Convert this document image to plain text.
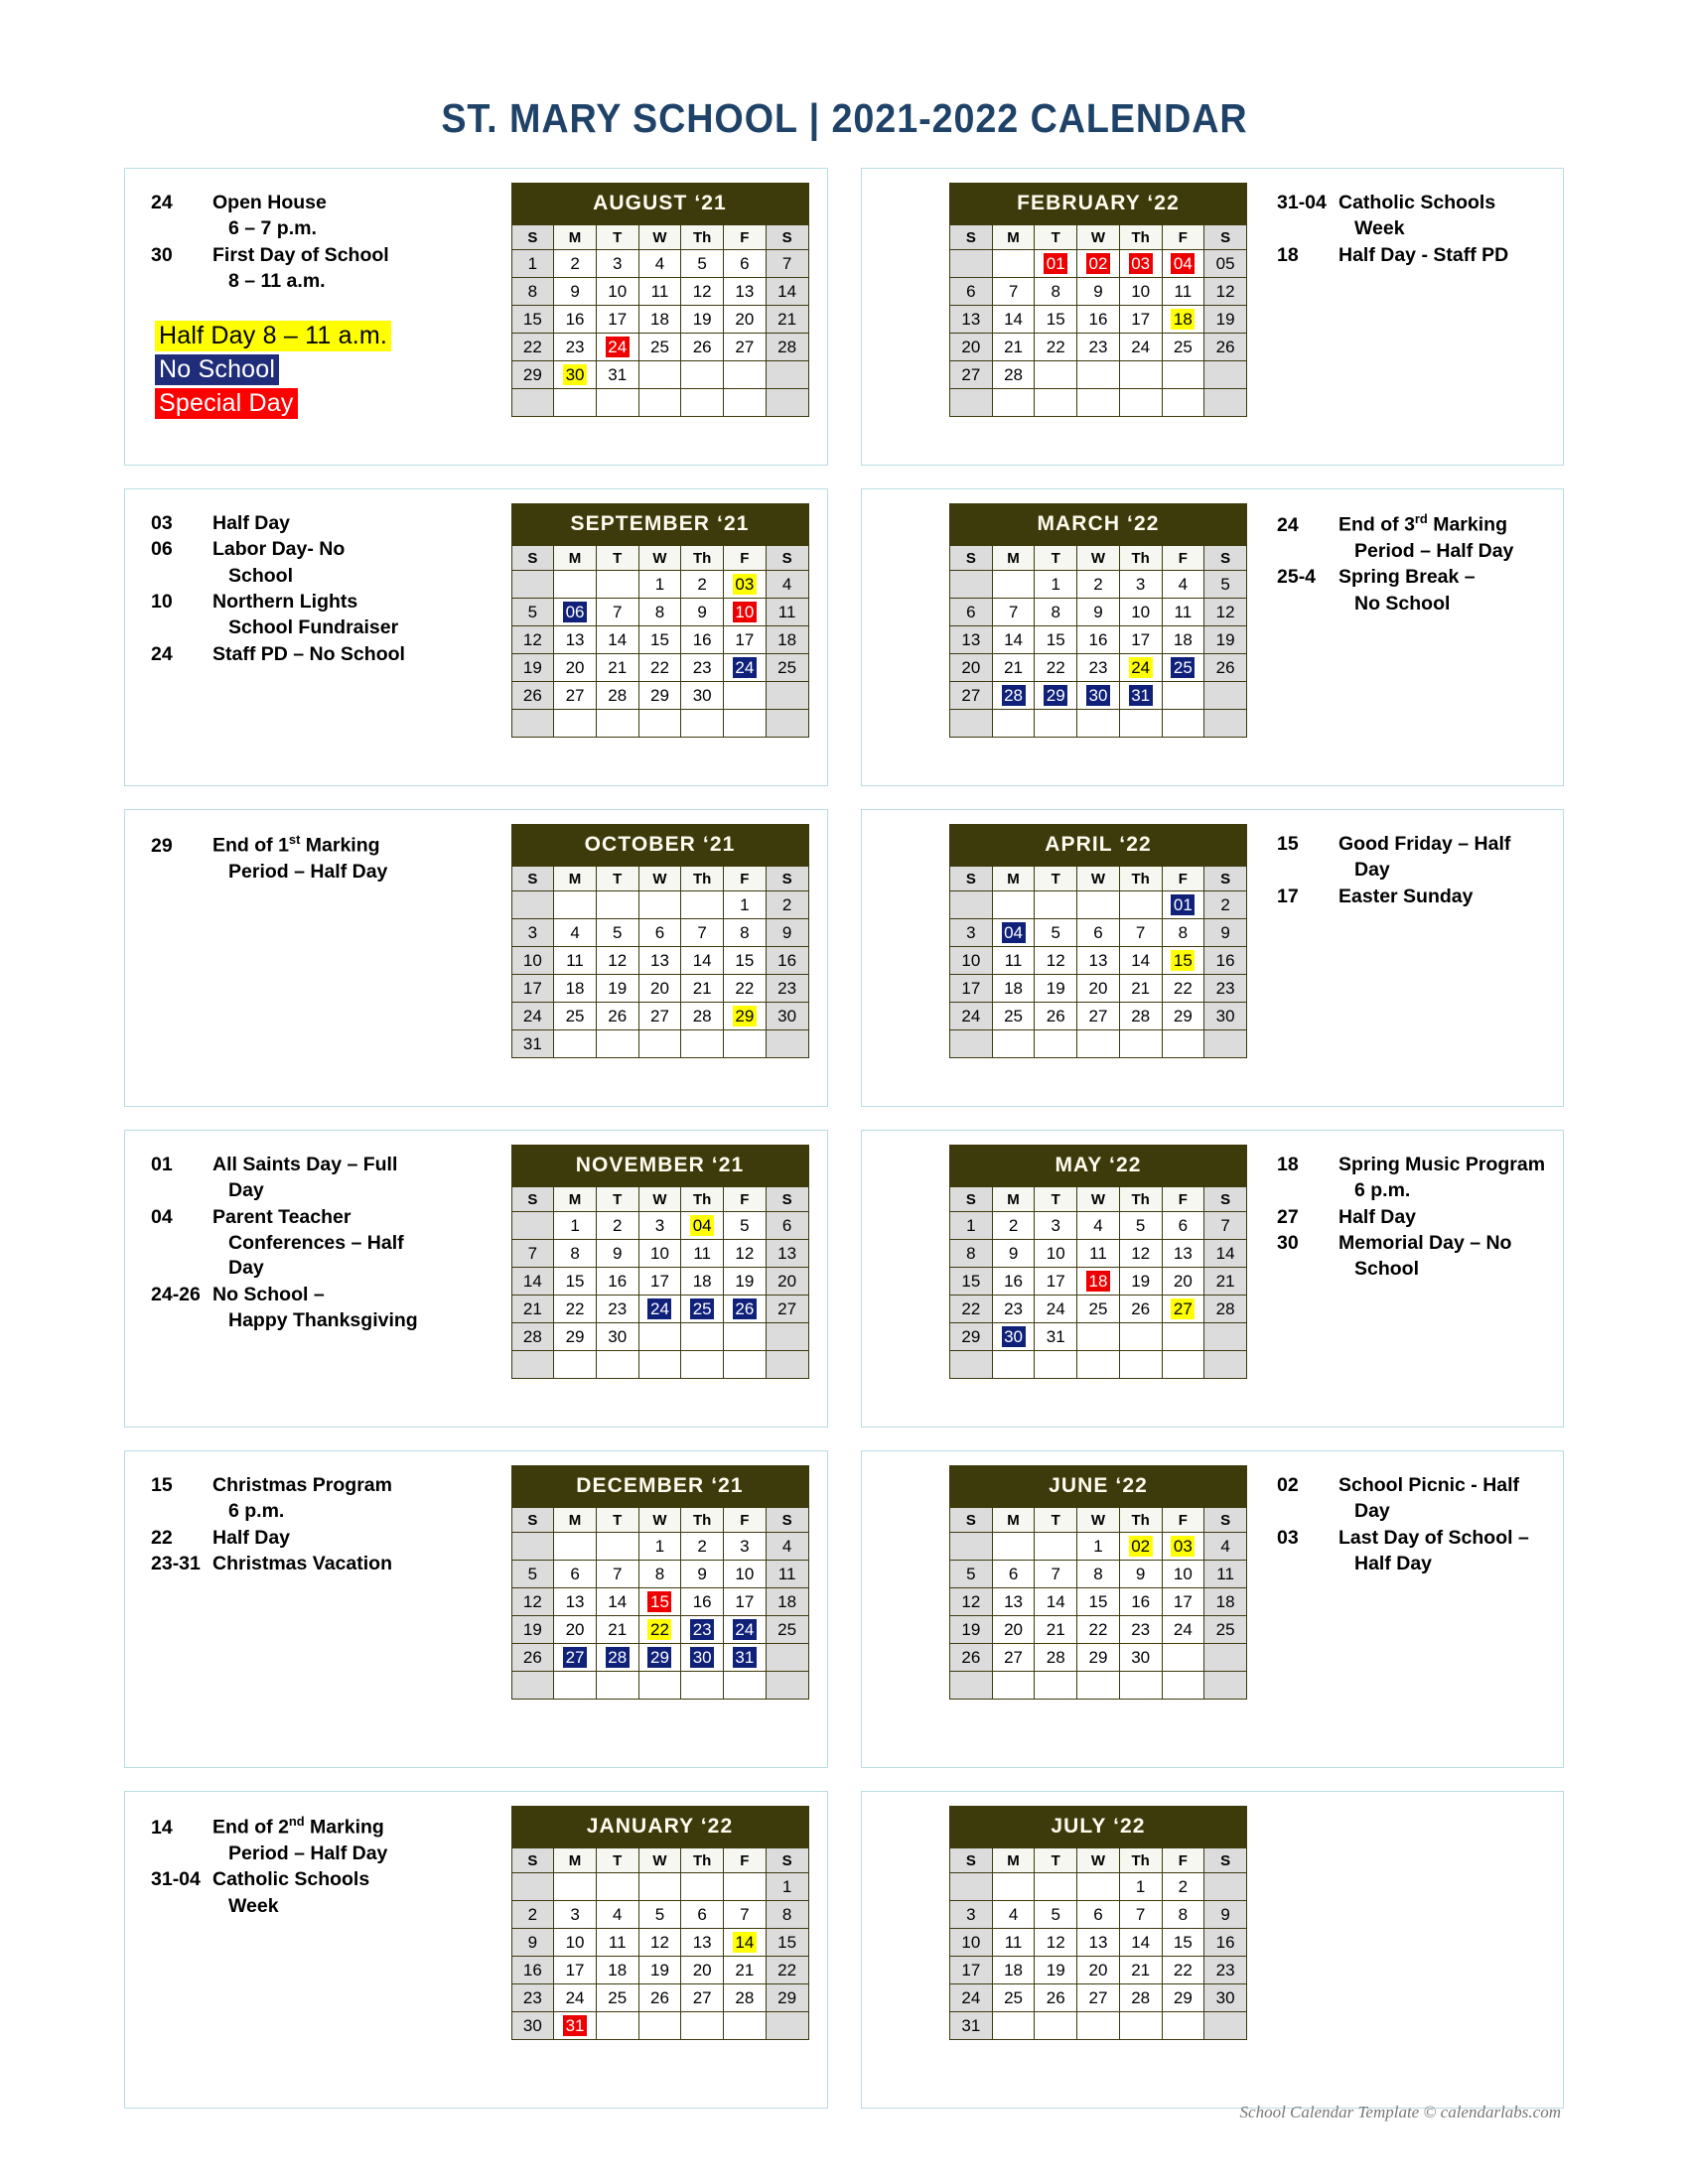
ST. MARY SCHOOL | 2021-2022 CALENDAR
24	Open House
6 – 7 p.m.
30	First Day of School
8 – 11 a.m.
Half Day 8 – 11 a.m.No SchoolSpecial Day
AUGUST ‘21						
S	M	T	W	Th	F	S
1	2	3	4	5	6	7
8	9	10	11	12	13	14
15	16	17	18	19	20	21
22	23	24	25	26	27	28
29	30	31				

FEBRUARY ‘22						
S	M	T	W	Th	F	S
		01	02	03	04	05
6	7	8	9	10	11	12
13	14	15	16	17	18	19
20	21	22	23	24	25	26
27	28					

31-04 Catholic Schools
Week
18	Half Day - Staff PD
03	Half Day
06	Labor Day- No
School
10	Northern Lights
School Fundraiser
24	Staff PD – No School
SEPTEMBER ‘21						
S	M	T	W	Th	F	S
			1	2	03	4
5	06	7	8	9	10	11
12	13	14	15	16	17	18
19	20	21	22	23	24	25
26	27	28	29	30		

MARCH ‘22						
S	M	T	W	Th	F	S
		1	2	3	4	5
6	7	8	9	10	11	12
13	14	15	16	17	18	19
20	21	22	23	24	25	26
27	28	29	30	31		

24	End of 3rd Marking
Period – Half Day
25-4	Spring Break –
No School
29	End of 1st Marking
Period – Half Day
OCTOBER ‘21						
S	M	T	W	Th	F	S
					1	2
3	4	5	6	7	8	9
10	11	12	13	14	15	16
17	18	19	20	21	22	23
24	25	26	27	28	29	30
31						
APRIL ‘22						
S	M	T	W	Th	F	S
					01	2
3	04	5	6	7	8	9
10	11	12	13	14	15	16
17	18	19	20	21	22	23
24	25	26	27	28	29	30

15	Good Friday – Half
Day
17	Easter Sunday
01	All Saints Day – Full
Day
04	Parent Teacher
Conferences – Half Day
24-26 No School –
Happy Thanksgiving
NOVEMBER ‘21						
S	M	T	W	Th	F	S
	1	2	3	04	5	6
7	8	9	10	11	12	13
14	15	16	17	18	19	20
21	22	23	24	25	26	27
28	29	30				

MAY ‘22						
S	M	T	W	Th	F	S
1	2	3	4	5	6	7
8	9	10	11	12	13	14
15	16	17	18	19	20	21
22	23	24	25	26	27	28
29	30	31				

18	Spring Music Program
6 p.m.
27	Half Day
30	Memorial Day – No
School
15	Christmas Program
6 p.m.
22	Half Day
23-31 Christmas Vacation
DECEMBER ‘21						
S	M	T	W	Th	F	S
			1	2	3	4
5	6	7	8	9	10	11
12	13	14	15	16	17	18
19	20	21	22	23	24	25
26	27	28	29	30	31	

JUNE ‘22						
S	M	T	W	Th	F	S
			1	02	03	4
5	6	7	8	9	10	11
12	13	14	15	16	17	18
19	20	21	22	23	24	25
26	27	28	29	30		

02	School Picnic - Half
Day
03	Last Day of School –
Half Day
14	End of 2nd Marking
Period – Half Day
31-04 Catholic Schools
Week
JANUARY ‘22						
S	M	T	W	Th	F	S
						1
2	3	4	5	6	7	8
9	10	11	12	13	14	15
16	17	18	19	20	21	22
23	24	25	26	27	28	29
30	31					
JULY ‘22						
S	M	T	W	Th	F	S
				1	2	
3	4	5	6	7	8	9
10	11	12	13	14	15	16
17	18	19	20	21	22	23
24	25	26	27	28	29	30
31						
School Calendar Template © calendarlabs.com
